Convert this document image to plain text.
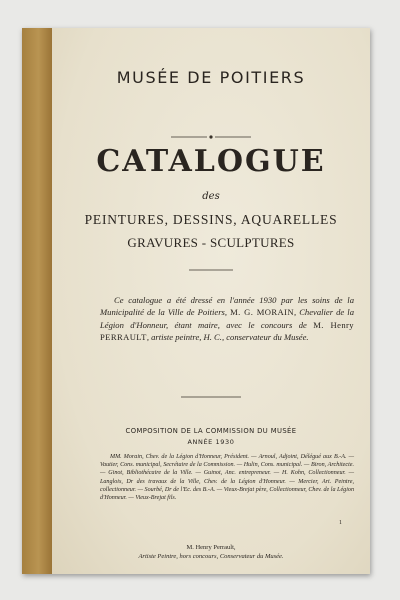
MUSÉE DE POITIERS
CATALOGUE
des
PEINTURES, DESSINS, AQUARELLES
GRAVURES - SCULPTURES
Ce catalogue a été dressé en l'année 1930 par les soins de la Municipalité de la Ville de Poitiers, M. G. MORAIN, Chevalier de la Légion d'Honneur, étant maire, avec le concours de M. Henry PERRAULT, artiste peintre, H. C., conservateur du Musée.
COMPOSITION DE LA COMMISSION DU MUSÉE
ANNÉE 1930
MM. Morain, Chev. de la Légion d'Honneur, Président. — Arnoul, Adjoint, Délégué aux B.-A. — Vautier, Cons. municipal, Secrétaire de la Commission. — Hulin, Cons. municipal. — Biron, Architecte. — Ginot, Bibliothécaire de la Ville. — Guinot, Anc. entrepreneur. — H. Kohn, Collectionneur. — Langlois, Dr des travaux de la Ville, Chev. de la Légion d'Honneur. — Mercier, Art. Peintre, collectionneur. — Sourbé, Dr de l'Ec. des B.-A. — Vieux-Brejat père, Collectionneur, Chev. de la Légion d'Honneur. — Vieux-Brejat fils.
M. Henry Perrault,
Artiste Peintre, hors concours, Conservateur du Musée.
1
